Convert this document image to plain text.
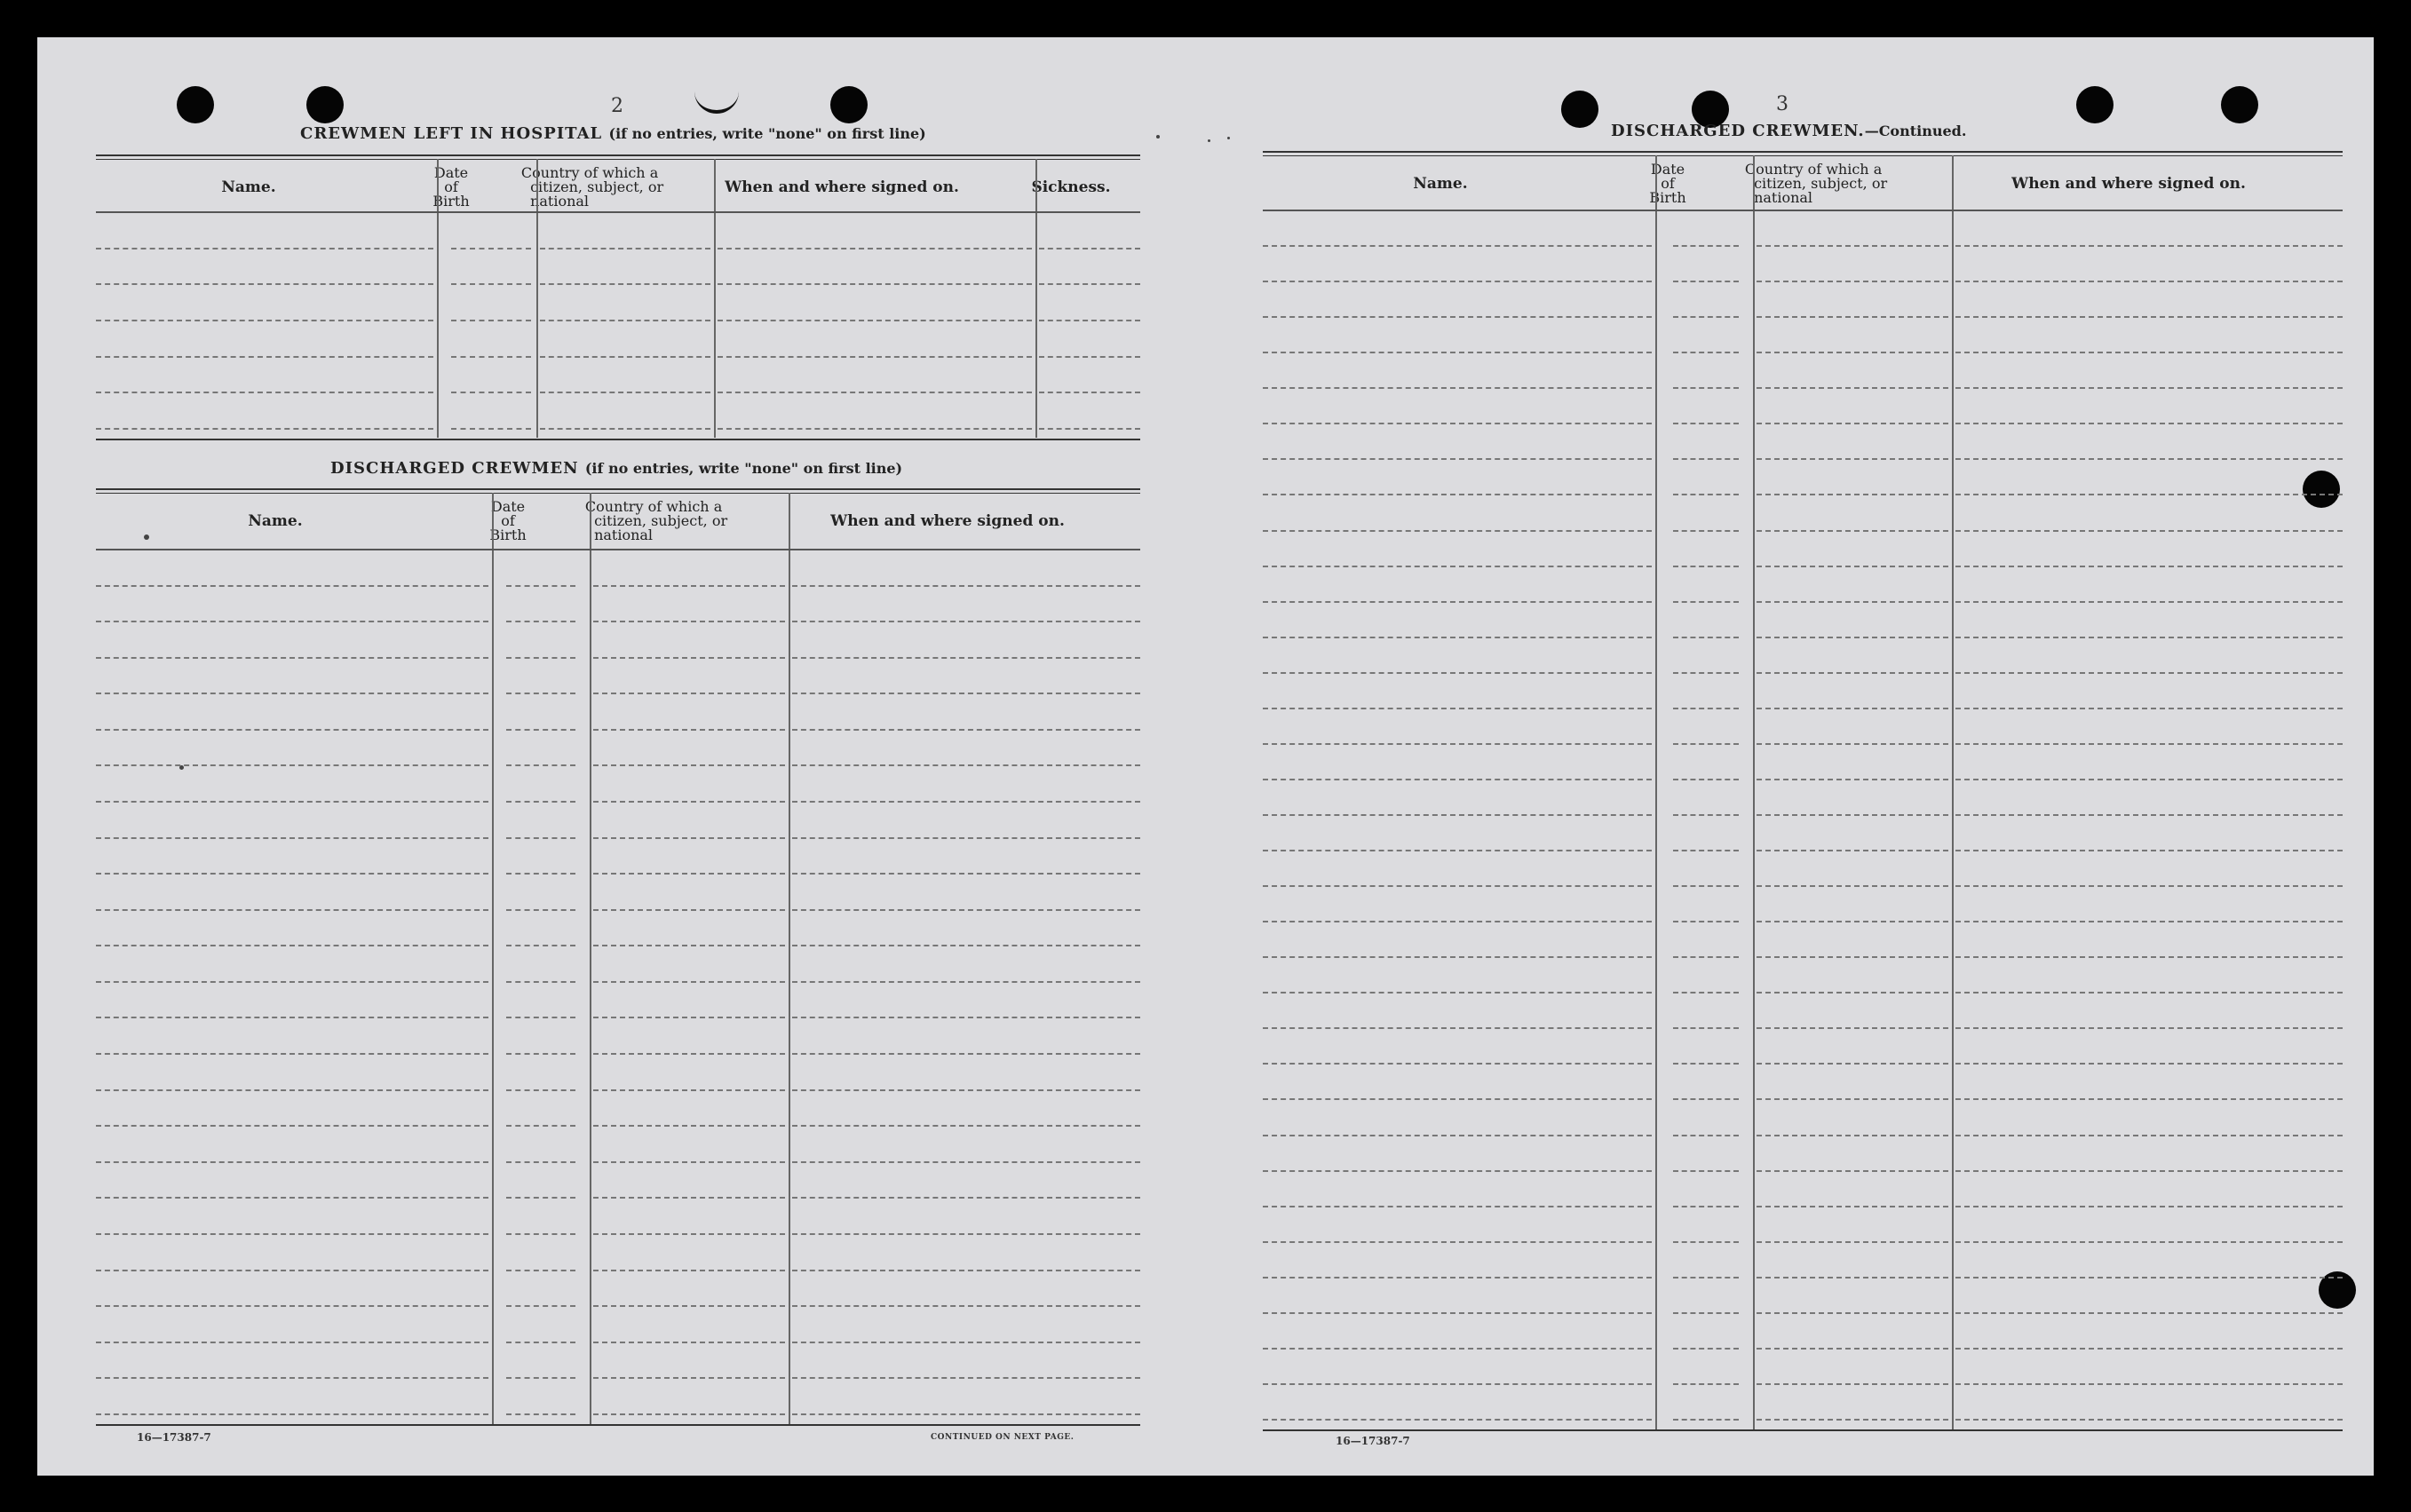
2
CREWMEN LEFT IN HOSPITAL (if no entries, write "none" on first line)
Name.
Date
of
Birth
Country of which a
citizen, subject, or
national
When and where signed on.	Sickness.
DISCHARGED CREWMEN (if no entries, write "none" on first line)
Name.
Date
of
Birth
Country of which a
citizen, subject, or
national
When and where signed on.
16—17387-7	CONTINUED ON NEXT PAGE.
3
DISCHARGED CREWMEN.—Continued.
Name.
Date
of
Birth
Country of which a
citizen, subject, or
national
When and where signed on.
16—17387-7
